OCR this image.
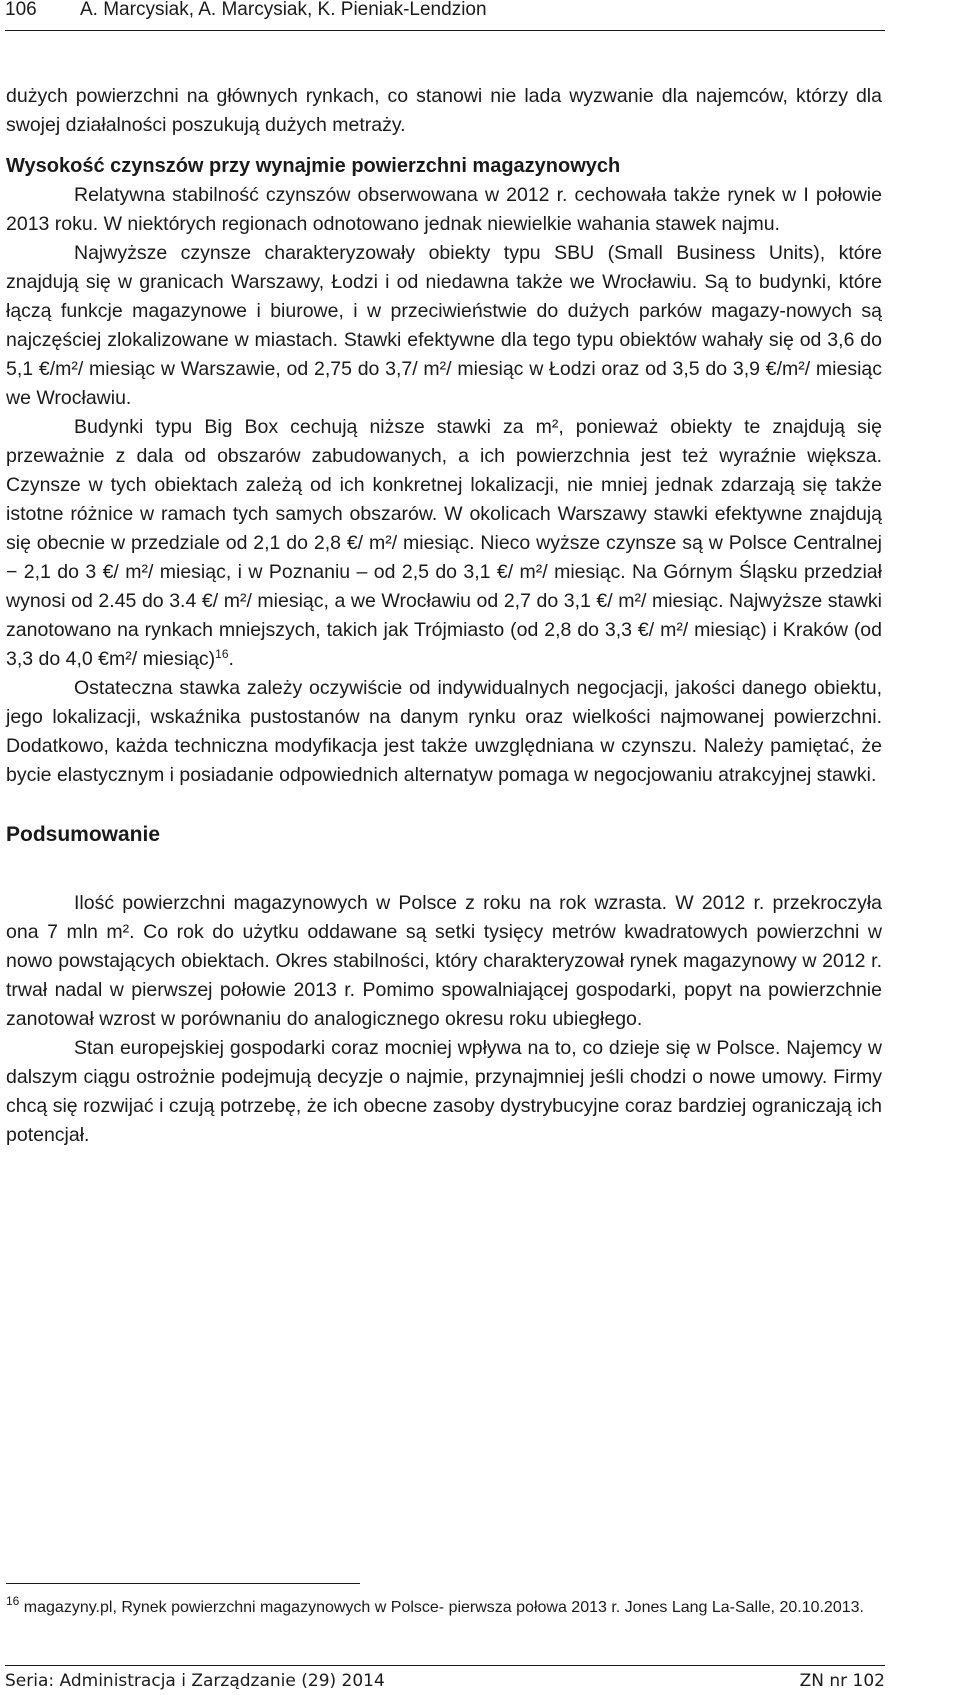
106 A. Marcysiak, A. Marcysiak, K. Pieniak-Lendzion

dużych powierzchni na głównych rynkach, co stanowi nie lada wyzwanie dla najemców, którzy dla swojej działalności poszukują dużych metraży.

Wysokość czynszów przy wynajmie powierzchni magazynowych

Relatywna stabilność czynszów obserwowana w 2012 r. cechowała także rynek w I połowie 2013 roku. W niektórych regionach odnotowano jednak niewielkie wahania stawek najmu.

Najwyższe czynsze charakteryzowały obiekty typu SBU (Small Business Units), które znajdują się w granicach Warszawy, Łodzi i od niedawna także we Wrocławiu. Są to budynki, które łączą funkcje magazynowe i biurowe, i w przeciwieństwie do dużych parków magazy-nowych są najczęściej zlokalizowane w miastach. Stawki efektywne dla tego typu obiektów wahały się od 3,6 do 5,1 €/m²/ miesiąc w Warszawie, od 2,75 do 3,7/ m²/ miesiąc w Łodzi oraz od 3,5 do 3,9 €/m²/ miesiąc we Wrocławiu.

Budynki typu Big Box cechują niższe stawki za m², ponieważ obiekty te znajdują się przeważnie z dala od obszarów zabudowanych, a ich powierzchnia jest też wyraźnie większa. Czynsze w tych obiektach zależą od ich konkretnej lokalizacji, nie mniej jednak zdarzają się także istotne różnice w ramach tych samych obszarów. W okolicach Warszawy stawki efektywne znajdują się obecnie w przedziale od 2,1 do 2,8 €/ m²/ miesiąc. Nieco wyższe czynsze są w Polsce Centralnej − 2,1 do 3 €/ m²/ miesiąc, i w Poznaniu – od 2,5 do 3,1 €/ m²/ miesiąc. Na Górnym Śląsku przedział wynosi od 2.45 do 3.4 €/ m²/ miesiąc, a we Wrocławiu od 2,7 do 3,1 €/ m²/ miesiąc. Najwyższe stawki zanotowano na rynkach mniejszych, takich jak Trójmiasto (od 2,8 do 3,3 €/ m²/ miesiąc) i Kraków (od 3,3 do 4,0 €m²/ miesiąc)$^{16}$.

Ostateczna stawka zależy oczywiście od indywidualnych negocjacji, jakości danego obiektu, jego lokalizacji, wskaźnika pustostanów na danym rynku oraz wielkości najmowanej powierzchni. Dodatkowo, każda techniczna modyfikacja jest także uwzględniana w czynszu. Należy pamiętać, że bycie elastycznym i posiadanie odpowiednich alternatyw pomaga w negocjowaniu atrakcyjnej stawki.

Podsumowanie

Ilość powierzchni magazynowych w Polsce z roku na rok wzrasta. W 2012 r. przekroczyła ona 7 mln m². Co rok do użytku oddawane są setki tysięcy metrów kwadratowych powierzchni w nowo powstających obiektach. Okres stabilności, który charakteryzował rynek magazynowy w 2012 r. trwał nadal w pierwszej połowie 2013 r. Pomimo spowalniającej gospodarki, popyt na powierzchnie zanotował wzrost w porównaniu do analogicznego okresu roku ubiegłego.

Stan europejskiej gospodarki coraz mocniej wpływa na to, co dzieje się w Polsce. Najemcy w dalszym ciągu ostrożnie podejmują decyzje o najmie, przynajmniej jeśli chodzi o nowe umowy. Firmy chcą się rozwijać i czują potrzebę, że ich obecne zasoby dystrybucyjne coraz bardziej ograniczają ich potencjał.

$^{16}$ magazyny.pl, Rynek powierzchni magazynowych w Polsce- pierwsza połowa 2013 r. Jones Lang La-Salle, 20.10.2013.
Seria: Administracja i Zarządzanie (29) 2014	ZN nr 102
